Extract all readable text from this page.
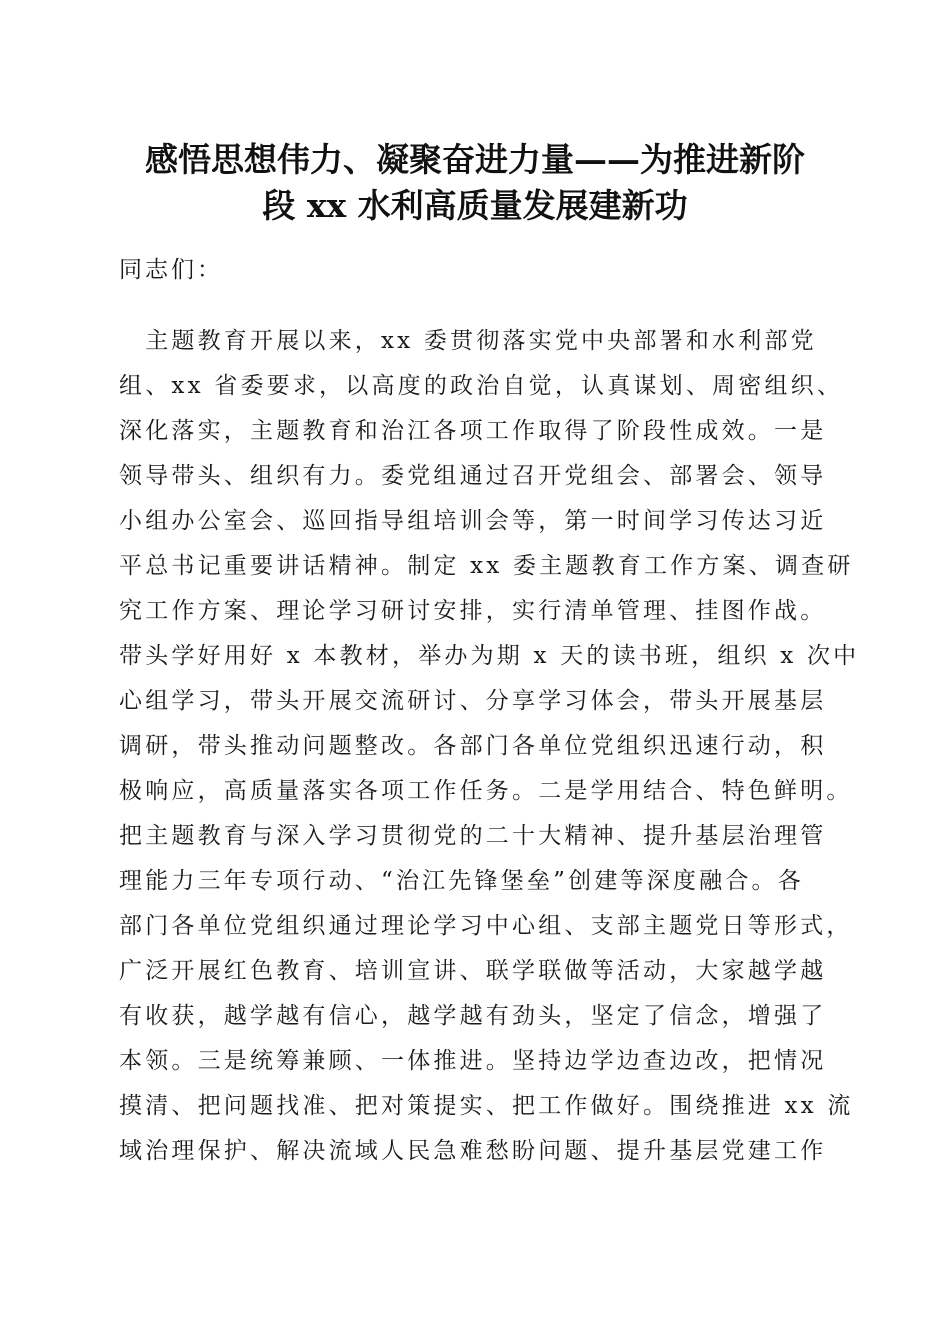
感悟思想伟力、凝聚奋进力量——为推进新阶
段 xx 水利高质量发展建新功
同志们：
　主题教育开展以来，xx 委贯彻落实党中央部署和水利部党
组、xx 省委要求，以高度的政治自觉，认真谋划、周密组织、
深化落实，主题教育和治江各项工作取得了阶段性成效。一是
领导带头、组织有力。委党组通过召开党组会、部署会、领导
小组办公室会、巡回指导组培训会等，第一时间学习传达习近
平总书记重要讲话精神。制定 xx 委主题教育工作方案、调查研
究工作方案、理论学习研讨安排，实行清单管理、挂图作战。
带头学好用好 x 本教材，举办为期 x 天的读书班，组织 x 次中
心组学习，带头开展交流研讨、分享学习体会，带头开展基层
调研，带头推动问题整改。各部门各单位党组织迅速行动，积
极响应，高质量落实各项工作任务。二是学用结合、特色鲜明。
把主题教育与深入学习贯彻党的二十大精神、提升基层治理管
理能力三年专项行动、“治江先锋堡垒”创建等深度融合。各
部门各单位党组织通过理论学习中心组、支部主题党日等形式，
广泛开展红色教育、培训宣讲、联学联做等活动，大家越学越
有收获，越学越有信心，越学越有劲头，坚定了信念，增强了
本领。三是统筹兼顾、一体推进。坚持边学边查边改，把情况
摸清、把问题找准、把对策提实、把工作做好。围绕推进 xx 流
域治理保护、解决流域人民急难愁盼问题、提升基层党建工作
